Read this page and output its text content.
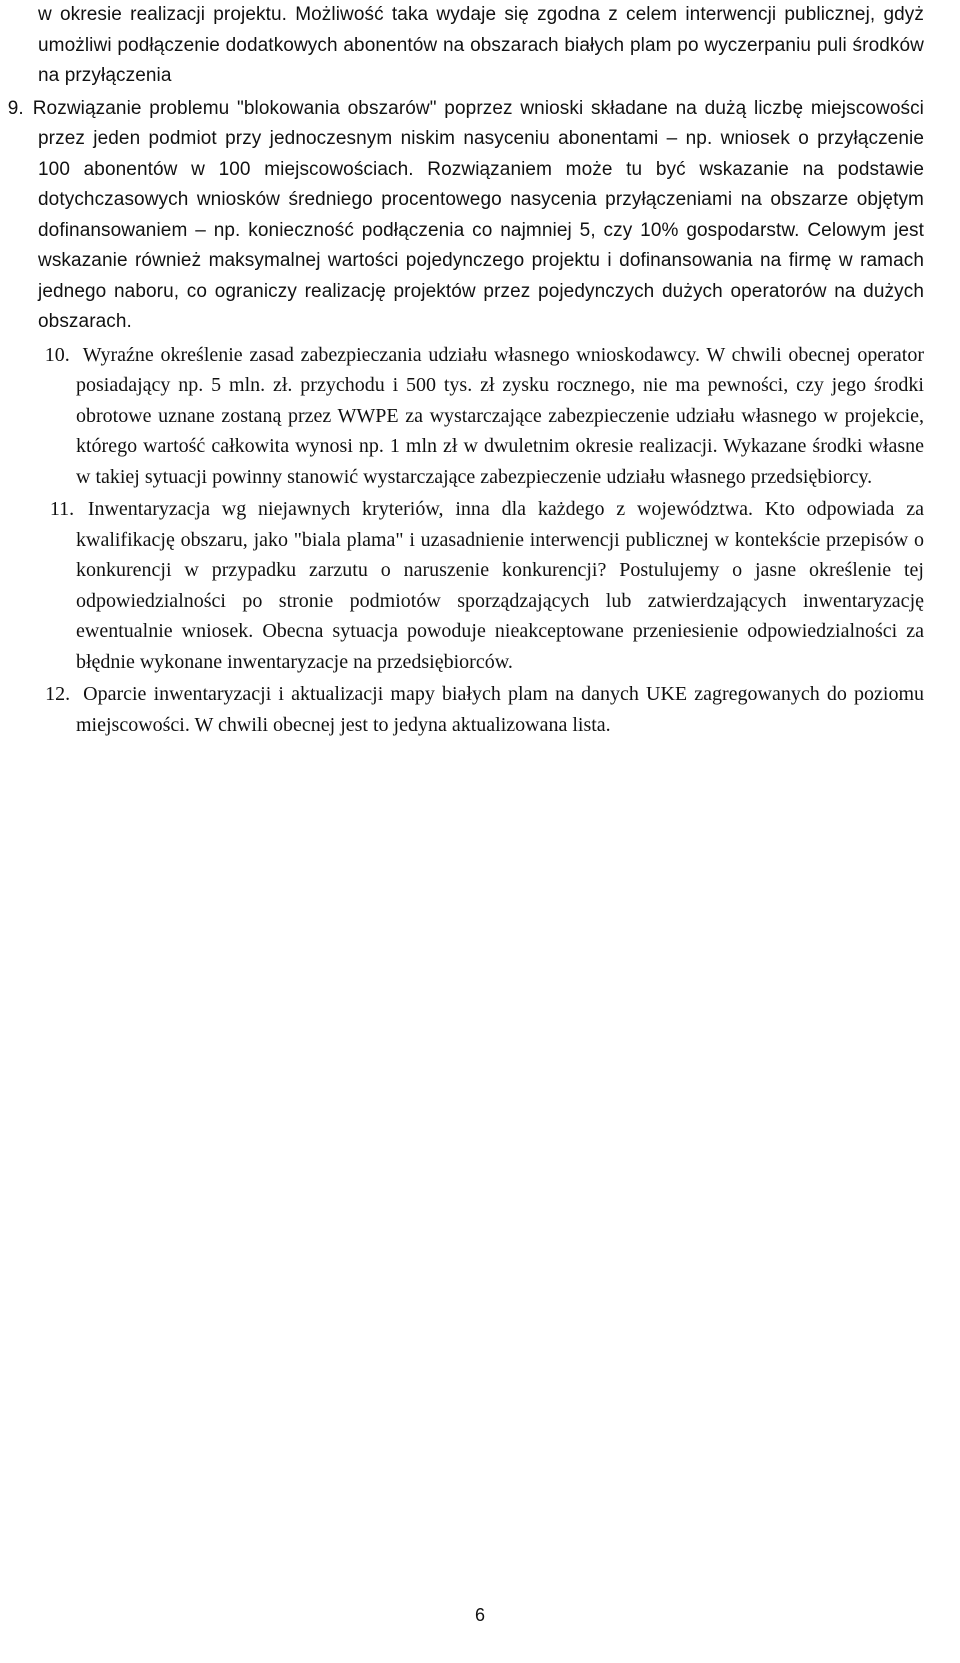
w okresie realizacji projektu. Możliwość taka wydaje się zgodna z celem interwencji publicznej, gdyż umożliwi podłączenie dodatkowych abonentów na obszarach białych plam po wyczerpaniu puli środków na przyłączenia

9. Rozwiązanie problemu "blokowania obszarów" poprzez wnioski składane na dużą liczbę miejscowości przez jeden podmiot przy jednoczesnym niskim nasyceniu abonentami – np. wniosek o przyłączenie 100 abonentów w 100 miejscowościach. Rozwiązaniem może tu być wskazanie na podstawie dotychczasowych wniosków średniego procentowego nasycenia przyłączeniami na obszarze objętym dofinansowaniem – np. konieczność podłączenia co najmniej 5, czy 10% gospodarstw. Celowym jest wskazanie również maksymalnej wartości pojedynczego projektu i dofinansowania na firmę w ramach jednego naboru, co ograniczy realizację projektów przez pojedynczych dużych operatorów na dużych obszarach.
10. Wyraźne określenie zasad zabezpieczania udziału własnego wnioskodawcy. W chwili obecnej operator posiadający np. 5 mln. zł. przychodu i 500 tys. zł zysku rocznego, nie ma pewności, czy jego środki obrotowe uznane zostaną przez WWPE za wystarczające zabezpieczenie udziału własnego w projekcie, którego wartość całkowita wynosi np. 1 mln zł w dwuletnim okresie realizacji. Wykazane środki własne w takiej sytuacji powinny stanowić wystarczające zabezpieczenie udziału własnego przedsiębiorcy.
11. Inwentaryzacja wg niejawnych kryteriów, inna dla każdego z województwa. Kto odpowiada za kwalifikację obszaru, jako "biala plama" i uzasadnienie interwencji publicznej w kontekście przepisów o konkurencji w przypadku zarzutu o naruszenie konkurencji? Postulujemy o jasne określenie tej odpowiedzialności po stronie podmiotów sporządzających lub zatwierdzających inwentaryzację ewentualnie wniosek. Obecna sytuacja powoduje nieakceptowane przeniesienie odpowiedzialności za błędnie wykonane inwentaryzacje na przedsiębiorców.
12. Oparcie inwentaryzacji i aktualizacji mapy białych plam na danych UKE zagregowanych do poziomu miejscowości. W chwili obecnej jest to jedyna aktualizowana lista.
6
